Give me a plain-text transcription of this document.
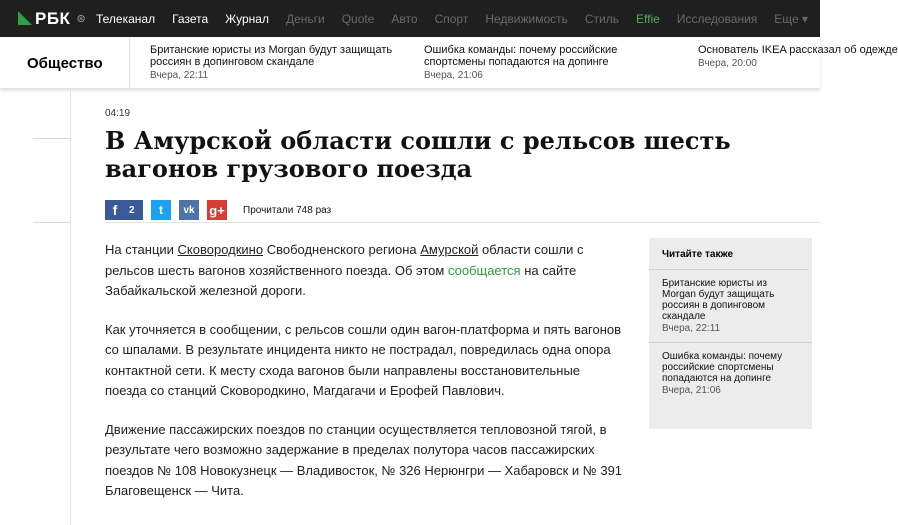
РБК ⊛ Телеканал Газета Журнал Деньги Quote Авто Спорт Недвижимость Стиль Effie Исследования Еще ▾
Общество
Британские юристы из Morgan будут защищать россиян в допинговом скандале
Вчера, 22:11
Ошибка команды: почему российские спортсмены попадаются на допинге
Вчера, 21:06
Основатель IKEA рассказал об одежде
Вчера, 20:00
04:19
В Амурской области сошли с рельсов шесть вагонов грузового поезда
f	2 t vk g+ Прочитали 748 раз

На станции Сковородкино Свободненского региона Амурской области сошли с рельсов шесть вагонов хозяйственного поезда. Об этом сообщается на сайте Забайкальской железной дороги.

Как уточняется в сообщении, с рельсов сошли один вагон-платформа и пять вагонов со шпалами. В результате инцидента никто не пострадал, повредилась одна опора контактной сети. К месту схода вагонов были направлены восстановительные поезда со станций Сковородкино, Магдагачи и Ерофей Павлович.

Движение пассажирских поездов по станции осуществляется тепловозной тягой, в результате чего возможно задержание в пределах полутора часов пассажирских поездов № 108 Новокузнецк — Владивосток, № 326 Нерюнгри — Хабаровск и № 391 Благовещенск — Чита.

Читайте также
Британские юристы из Morgan будут защищать россиян в допинговом скандале
Вчера, 22:11
Ошибка команды: почему российские спортсмены попадаются на допинге
Вчера, 21:06
